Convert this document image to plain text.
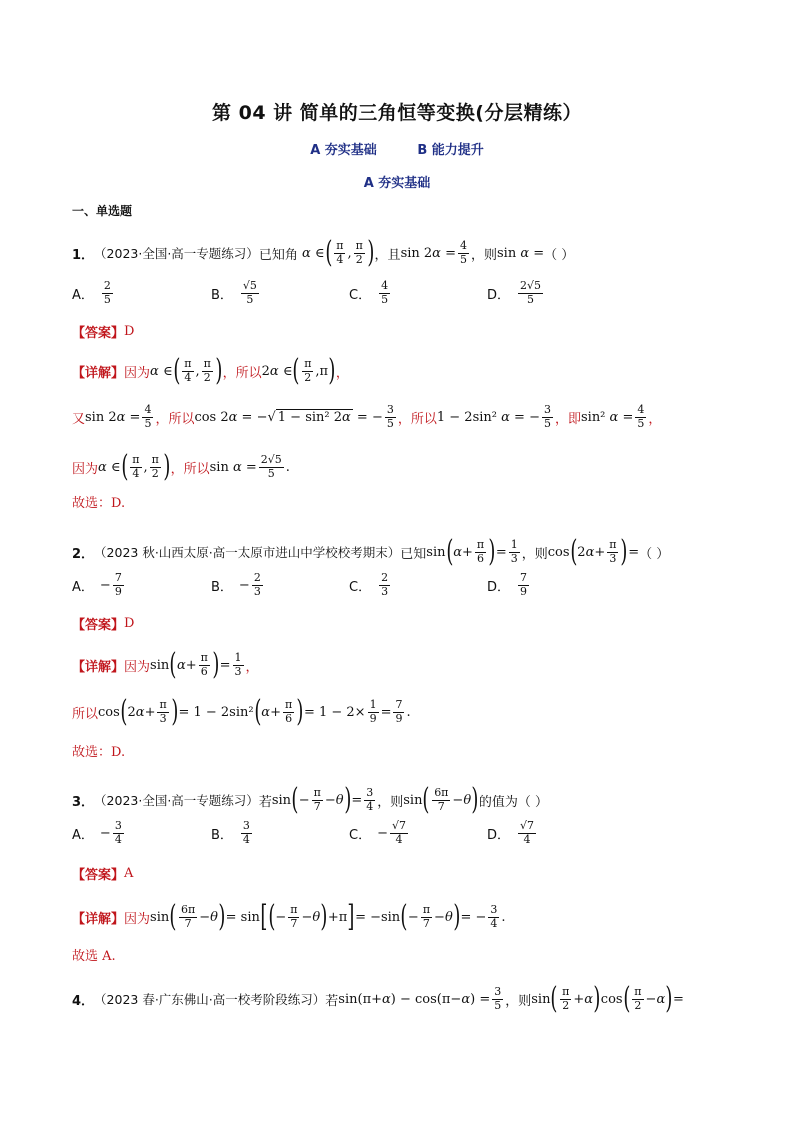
第 04 讲 简单的三角恒等变换(分层精练）
A 夯实基础	B 能力提升
A 夯实基础
一、单选题
1． （2023·全国·高一专题练习） 已知角 α ∈ ( $\frac{\pi}{4}$ , $\frac{\pi}{2}$ ) ，且 $\sin 2\alpha = \frac{4}{5}$ ，则 sin α = （ ）
A． $\frac{2}{5}$	B． $\frac{√5}{5}$	C． $\frac{4}{5}$	D． $\frac{2√5}{5}$
【答案】 D
【详解】 因为 α ∈ ( $\frac{\pi}{4}$ , $\frac{\pi}{2}$ ) ，所以 2α ∈ ( $\frac{\pi}{2} ,\pi$ ) ，
又 $\sin 2\alpha = \frac{4}{5}$ ，所以 cos 2α = −√ 1 − sin² 2α = − $\frac{3}{5}$ ，所以 1 − 2sin² α = − $\frac{3}{5}$ ，即 sin² $\alpha = \frac{4}{5}$ ，
因为 α ∈ ( $\frac{\pi}{4}$ , $\frac{\pi}{2}$ ) ，所以 $\sin \alpha = \frac{2√5}{5}$ .
故选：D.
2． （2023 秋·山西太原·高一太原市进山中学校校考期末） 已知 sin ( $\alpha + \frac{\pi}{6}$ ) = $\frac{1}{3}$ ，则 cos ( 2 $\alpha + \frac{\pi}{3}$ ) = （ ）
A． − $\frac{7}{9}$	B． − $\frac{2}{3}$	C． $\frac{2}{3}$	D． $\frac{7}{9}$
【答案】 D
【详解】 因为 sin ( $\alpha + \frac{\pi}{6}$ ) = $\frac{1}{3}$ ，
所以 cos ( 2 $\alpha + \frac{\pi}{3}$ ) = 1 − 2sin² ( $\alpha + \frac{\pi}{6}$ ) = $1 - 2\times \frac{1}{9} = \frac{7}{9}$ .
故选：D.
3． （2023·全国·高一专题练习） 若 sin ( − $\frac{\pi}{7} - \theta$ ) = $\frac{3}{4}$ ，则 sin ( $\frac{6\pi}{7} - \theta$ ) 的值为（ ）
A． − $\frac{3}{4}$	B． $\frac{3}{4}$	C． − $\frac{√7}{4}$	D． $\frac{√7}{4}$
【答案】 A
【详解】 因为 sin ( $\frac{6\pi}{7} - \theta$ ) = sin [ ( − $\frac{\pi}{7} - \theta$ ) +π ] = −sin ( − $\frac{\pi}{7} - \theta$ ) = − $\frac{3}{4}$ .
故选 A.
4． （2023 春·广东佛山·高一校考阶段练习） 若 $\sin(\pi+\alpha) - \cos(\pi-\alpha) = \frac{3}{5}$ ，则 sin ( $\frac{\pi}{2} + \alpha$ ) cos ( $\frac{\pi}{2} - \alpha$ ) =
